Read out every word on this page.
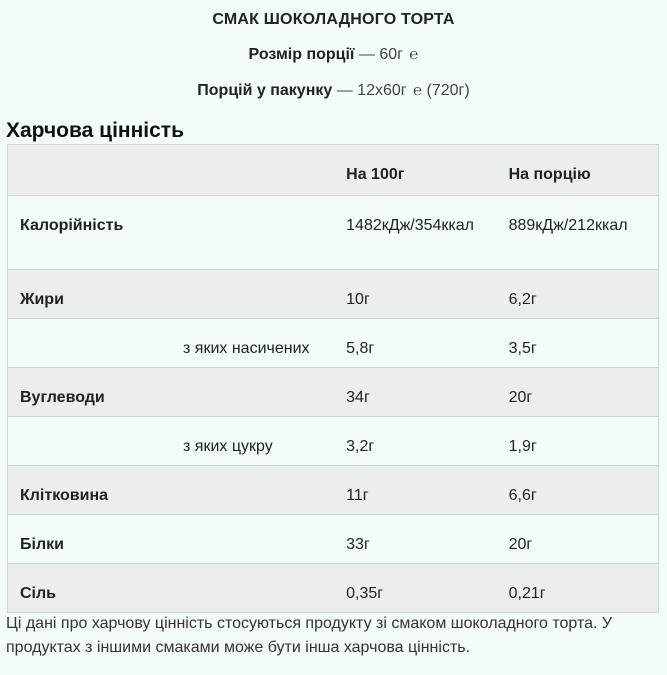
СМАК ШОКОЛАДНОГО ТОРТА
Розмір порції — 60г ℮
Порцій у пакунку — 12x60г ℮ (720г)
Харчова цінність

	На 100г	На порцію

Калорійність	1482кДж/354ккал	889кДж/212ккал

Жири	10г	6,2г

з яких насичених	5,8г	3,5г

Вуглеводи	34г	20г

з яких цукру	3,2г	1,9г

Клітковина	11г	6,6г

Білки	33г	20г

Сіль	0,35г	0,21г
Ці дані про харчову цінність стосуються продукту зі смаком шоколадного торта. У продуктах з іншими смаками може бути інша харчова цінність.
